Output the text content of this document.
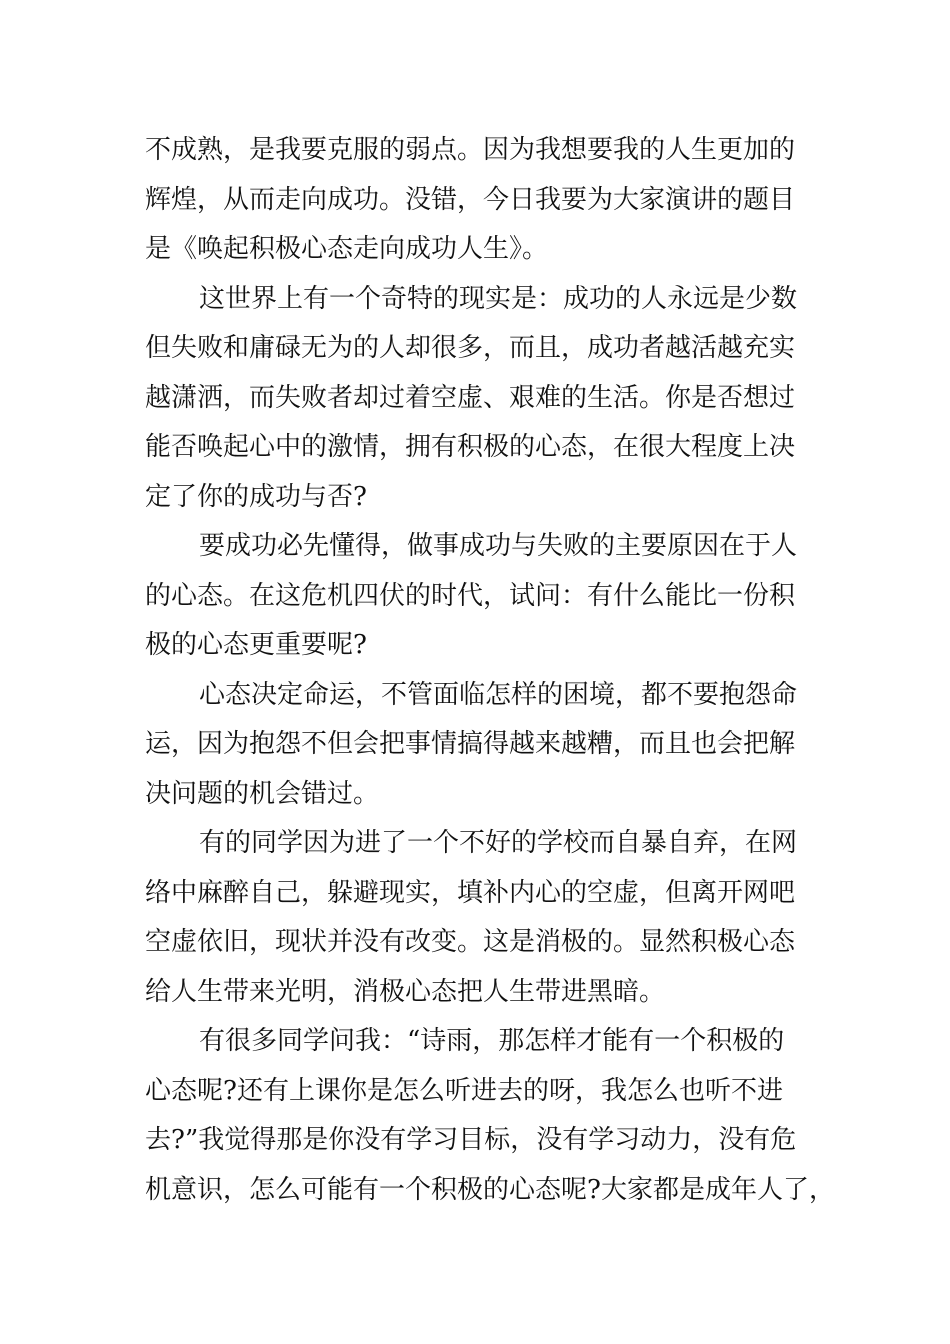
不成熟，是我要克服的弱点。因为我想要我的人生更加的
辉煌，从而走向成功。没错，今日我要为大家演讲的题目
是《唤起积极心态走向成功人生》。
这世界上有一个奇特的现实是：成功的人永远是少数
但失败和庸碌无为的人却很多，而且，成功者越活越充实
越潇洒，而失败者却过着空虚、艰难的生活。你是否想过
能否唤起心中的激情，拥有积极的心态，在很大程度上决
定了你的成功与否?
要成功必先懂得，做事成功与失败的主要原因在于人
的心态。在这危机四伏的时代，试问：有什么能比一份积
极的心态更重要呢?
心态决定命运，不管面临怎样的困境，都不要抱怨命
运，因为抱怨不但会把事情搞得越来越糟，而且也会把解
决问题的机会错过。
有的同学因为进了一个不好的学校而自暴自弃，在网
络中麻醉自己，躲避现实，填补内心的空虚，但离开网吧
空虚依旧，现状并没有改变。这是消极的。显然积极心态
给人生带来光明，消极心态把人生带进黑暗。
有很多同学问我：“诗雨，那怎样才能有一个积极的
心态呢?还有上课你是怎么听进去的呀，我怎么也听不进
去?”我觉得那是你没有学习目标，没有学习动力，没有危
机意识，怎么可能有一个积极的心态呢?大家都是成年人了，
